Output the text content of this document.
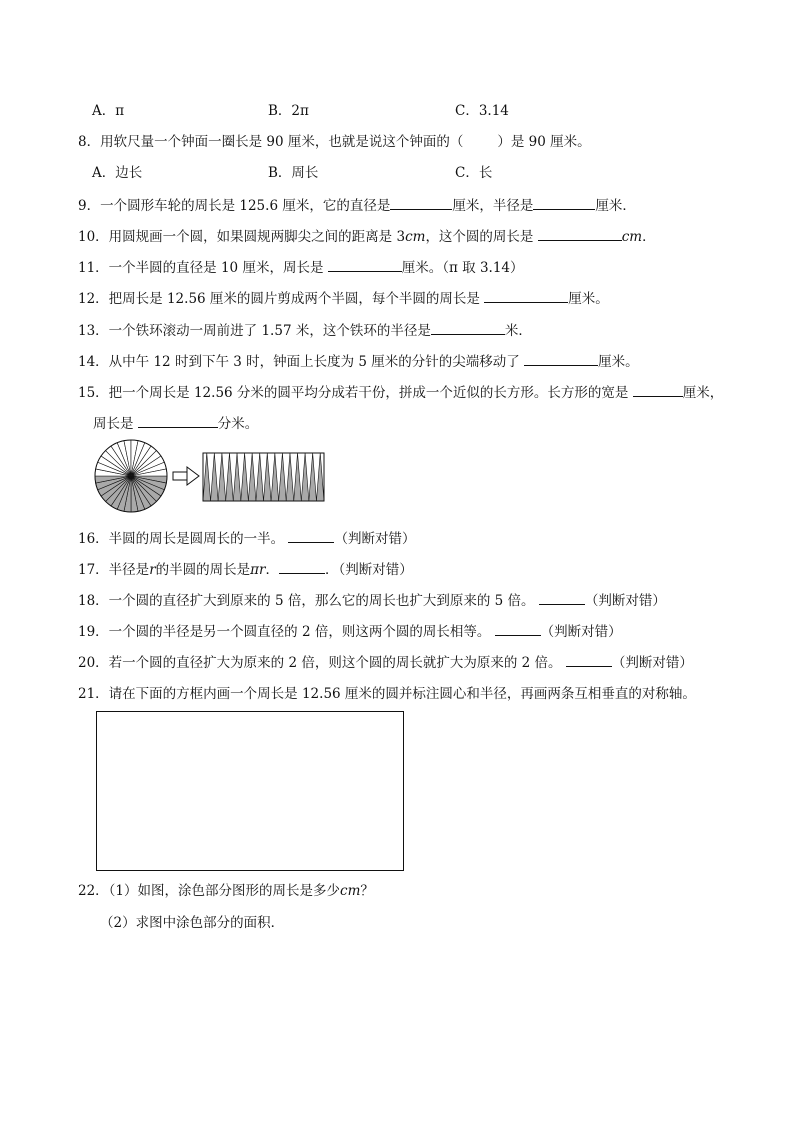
A．π	B．2π	C．3.14
8．用软尺量一个钟面一圈长是 90 厘米，也就是说这个钟面的（	）是 90 厘米。
A．边长	B．周长	C．长
9．一个圆形车轮的周长是 125.6 厘米，它的直径是	厘米，半径是	厘米．
10．用圆规画一个圆，如果圆规两脚尖之间的距离是 3cm，这个圆的周长是	cm．
11．一个半圆的直径是 10 厘米，周长是	厘米。（π 取 3.14）
12．把周长是 12.56 厘米的圆片剪成两个半圆，每个半圆的周长是	厘米。
13．一个铁环滚动一周前进了 1.57 米，这个铁环的半径是	米．
14．从中午 12 时到下午 3 时，钟面上长度为 5 厘米的分针的尖端移动了	厘米。
15．把一个周长是 12.56 分米的圆平均分成若干份，拼成一个近似的长方形。长方形的宽是	厘米，
周长是	分米。
16．半圆的周长是圆周长的一半。	（判断对错）
17．半径是r的半圆的周长是πr．	．（判断对错）
18．一个圆的直径扩大到原来的 5 倍，那么它的周长也扩大到原来的 5 倍。	（判断对错）
19．一个圆的半径是另一个圆直径的 2 倍，则这两个圆的周长相等。	（判断对错）
20．若一个圆的直径扩大为原来的 2 倍，则这个圆的周长就扩大为原来的 2 倍。	（判断对错）
21．请在下面的方框内画一个周长是 12.56 厘米的圆并标注圆心和半径，再画两条互相垂直的对称轴。
22．（1）如图，涂色部分图形的周长是多少cm？
（2）求图中涂色部分的面积．
